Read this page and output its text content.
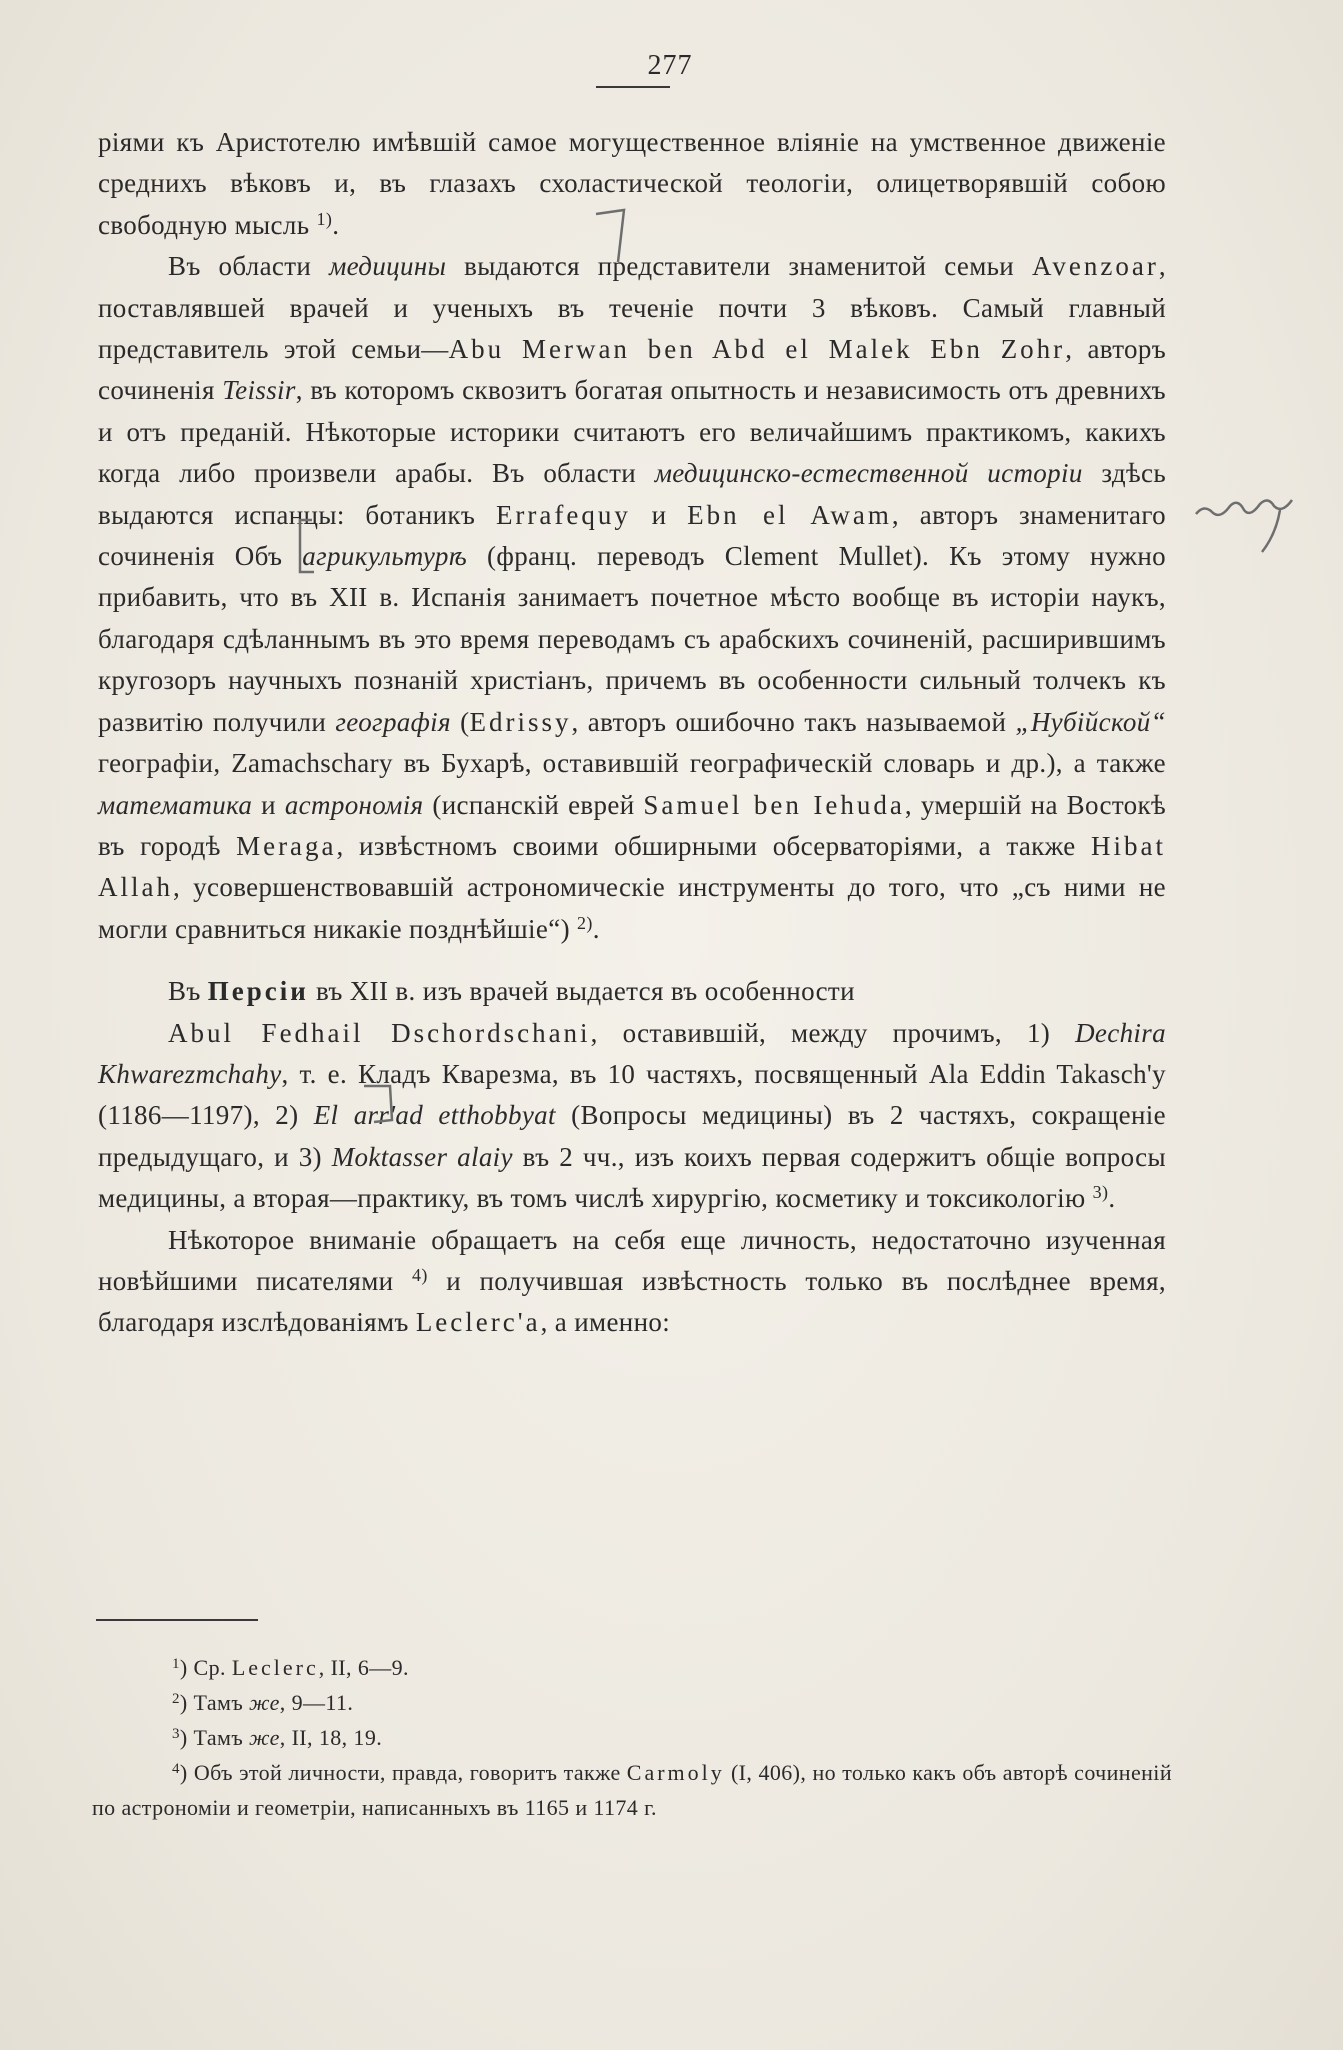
277

ріями къ Аристотелю имѣвшій самое могущественное вліяніе на умственное движеніе среднихъ вѣковъ и, въ глазахъ схоластической теологіи, олицетворявшій собою свободную мысль $^{1)}$.

Въ области медицины выдаются представители знаменитой семьи Avenzoar, поставлявшей врачей и ученыхъ въ теченіе почти 3 вѣковъ. Самый главный представитель этой семьи—Abu Merwan ben Abd el Malek Ebn Zohr, авторъ сочиненія Teissir, въ которомъ сквозитъ богатая опытность и независимость отъ древнихъ и отъ преданій. Нѣкоторые историки считаютъ его величайшимъ практикомъ, какихъ когда либо произвели арабы. Въ области медицинско-естественной исторіи здѣсь выдаются испанцы: ботаникъ Errafequy и Ebn el Awam, авторъ знаменитаго сочиненія Объ агрикультурѣ (франц. переводъ Clement Mullet). Къ этому нужно прибавить, что въ XII в. Испанія занимаетъ почетное мѣсто вообще въ исторіи наукъ, благодаря сдѣланнымъ въ это время переводамъ съ арабскихъ сочиненій, расширившимъ кругозоръ научныхъ познаній христіанъ, причемъ въ особенности сильный толчекъ къ развитію получили географія (Edrissy, авторъ ошибочно такъ называемой „Нубійской“ географіи, Zamachschary въ Бухарѣ, оставившій географическій словарь и др.), а также математика и астрономія (испанскій еврей Samuel ben Iehuda, умершій на Востокѣ въ городѣ Meraga, извѣстномъ своими обширными обсерваторіями, а также Hibat Allah, усовершенствовавшій астрономическіе инструменты до того, что „съ ними не могли сравниться никакіе позднѣйшіе“) $^{2)}$.

Въ Персіи въ XII в. изъ врачей выдается въ особенности

Abul Fedhail Dschordschani, оставившій, между прочимъ, 1) Dechira Khwarezmchahy, т. е. Кладъ Кварезма, въ 10 частяхъ, посвященный Ala Eddin Takasch'у (1186—1197), 2) El arr'ad etthobbyat (Вопросы медицины) въ 2 частяхъ, сокращеніе предыдущаго, и 3) Moktasser alaiy въ 2 чч., изъ коихъ первая содержитъ общіе вопросы медицины, а вторая—практику, въ томъ числѣ хирургію, косметику и токсикологію $^{3)}$.

Нѣкоторое вниманіе обращаетъ на себя еще личность, недостаточно изученная новѣйшими писателями $^{4)}$ и получившая извѣстность только въ послѣднее время, благодаря изслѣдованіямъ Leclerc'а, а именно:

$^1$) Ср. Leclerc, II, 6—9.

$^2$) Тамъ же, 9—11.

$^3$) Тамъ же, II, 18, 19.

$^4$) Объ этой личности, правда, говоритъ также Carmoly (I, 406), но только какъ объ авторѣ сочиненій по астрономіи и геометріи, написанныхъ въ 1165 и 1174 г.
